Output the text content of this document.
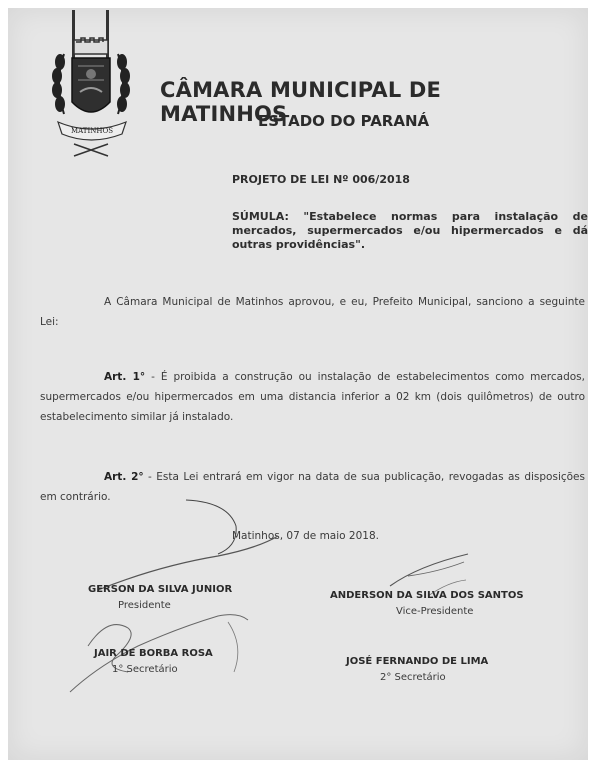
MATINHOS
CÂMARA MUNICIPAL DE MATINHOS
ESTADO DO PARANÁ
PROJETO DE LEI Nº 006/2018
SÚMULA: "Estabelece normas para instalação de mercados, supermercados e/ou hipermercados e dá outras providências".
A Câmara Municipal de Matinhos aprovou, e eu, Prefeito Municipal, sanciono a seguinte Lei:
Art. 1° - É proibida a construção ou instalação de estabelecimentos como mercados, supermercados e/ou hipermercados em uma distancia inferior a 02 km (dois quilômetros) de outro estabelecimento similar já instalado.
Art. 2° - Esta Lei entrará em vigor na data de sua publicação, revogadas as disposições em contrário.
Matinhos, 07 de maio 2018.
GERSON DA SILVA JUNIOR
Presidente
ANDERSON DA SILVA DOS SANTOS
Vice-Presidente
JAIR DE BORBA ROSA
1° Secretário
JOSÉ FERNANDO DE LIMA
2° Secretário
